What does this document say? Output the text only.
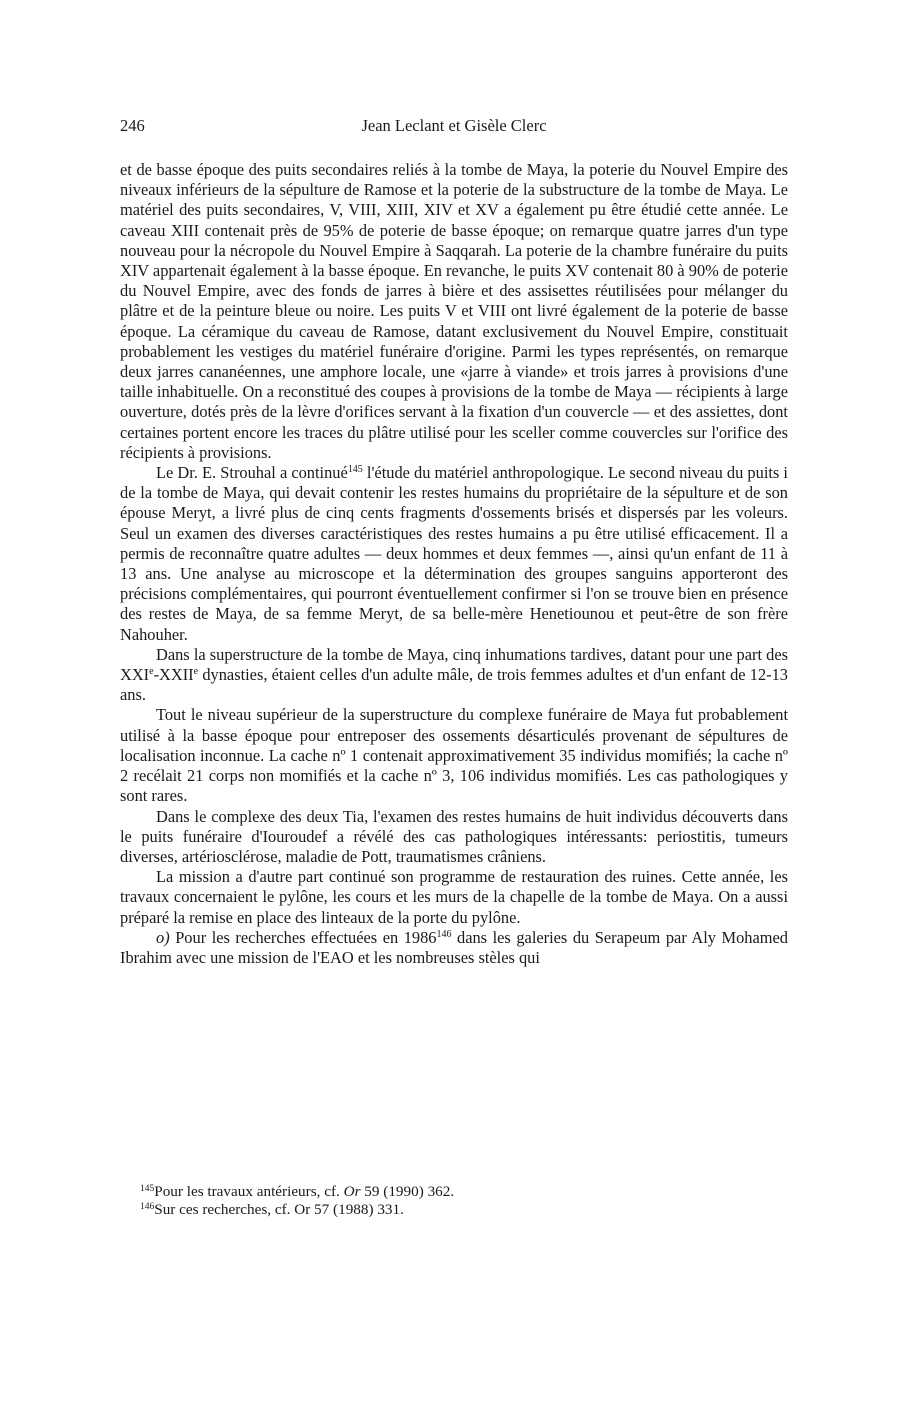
246	Jean Leclant et Gisèle Clerc

et de basse époque des puits secondaires reliés à la tombe de Maya, la poterie du Nouvel Empire des niveaux inférieurs de la sépulture de Ramose et la poterie de la substructure de la tombe de Maya. Le matériel des puits secondaires, V, VIII, XIII, XIV et XV a également pu être étudié cette année. Le caveau XIII contenait près de 95% de poterie de basse époque; on remarque quatre jarres d'un type nouveau pour la nécropole du Nouvel Empire à Saqqarah. La poterie de la chambre funéraire du puits XIV appartenait également à la basse époque. En revanche, le puits XV contenait 80 à 90% de poterie du Nouvel Empire, avec des fonds de jarres à bière et des assisettes réutilisées pour mélanger du plâtre et de la peinture bleue ou noire. Les puits V et VIII ont livré également de la poterie de basse époque. La céramique du caveau de Ramose, datant exclusivement du Nouvel Empire, constituait probablement les vestiges du matériel funéraire d'origine. Parmi les types représentés, on remarque deux jarres cananéennes, une amphore locale, une «jarre à viande» et trois jarres à provisions d'une taille inhabituelle. On a reconstitué des coupes à provisions de la tombe de Maya — récipients à large ouverture, dotés près de la lèvre d'orifices servant à la fixation d'un couvercle — et des assiettes, dont certaines portent encore les traces du plâtre utilisé pour les sceller comme couvercles sur l'orifice des récipients à provisions.

Le Dr. E. Strouhal a continué$^{145}$ l'étude du matériel anthropologique. Le second niveau du puits i de la tombe de Maya, qui devait contenir les restes humains du propriétaire de la sépulture et de son épouse Meryt, a livré plus de cinq cents fragments d'ossements brisés et dispersés par les voleurs. Seul un examen des diverses caractéristiques des restes humains a pu être utilisé efficacement. Il a permis de reconnaître quatre adultes — deux hommes et deux femmes —, ainsi qu'un enfant de 11 à 13 ans. Une analyse au microscope et la détermination des groupes sanguins apporteront des précisions complémentaires, qui pourront éventuellement confirmer si l'on se trouve bien en présence des restes de Maya, de sa femme Meryt, de sa belle-mère Henetiounou et peut-être de son frère Nahouher.

Dans la superstructure de la tombe de Maya, cinq inhumations tardives, datant pour une part des XXIe-XXIIe dynasties, étaient celles d'un adulte mâle, de trois femmes adultes et d'un enfant de 12-13 ans.

Tout le niveau supérieur de la superstructure du complexe funéraire de Maya fut probablement utilisé à la basse époque pour entreposer des ossements désarticulés provenant de sépultures de localisation inconnue. La cache nº 1 contenait approximativement 35 individus momifiés; la cache nº 2 recélait 21 corps non momifiés et la cache nº 3, 106 individus momifiés. Les cas pathologiques y sont rares.

Dans le complexe des deux Tia, l'examen des restes humains de huit individus découverts dans le puits funéraire d'Iouroudef a révélé des cas pathologiques intéressants: periostitis, tumeurs diverses, artériosclérose, maladie de Pott, traumatismes crâniens.

La mission a d'autre part continué son programme de restauration des ruines. Cette année, les travaux concernaient le pylône, les cours et les murs de la chapelle de la tombe de Maya. On a aussi préparé la remise en place des linteaux de la porte du pylône.

o) Pour les recherches effectuées en 1986$^{146}$ dans les galeries du Serapeum par Aly Mohamed Ibrahim avec une mission de l'EAO et les nombreuses stèles qui

$^{145}$Pour les travaux antérieurs, cf. Or 59 (1990) 362.

$^{146}$Sur ces recherches, cf. Or 57 (1988) 331.
